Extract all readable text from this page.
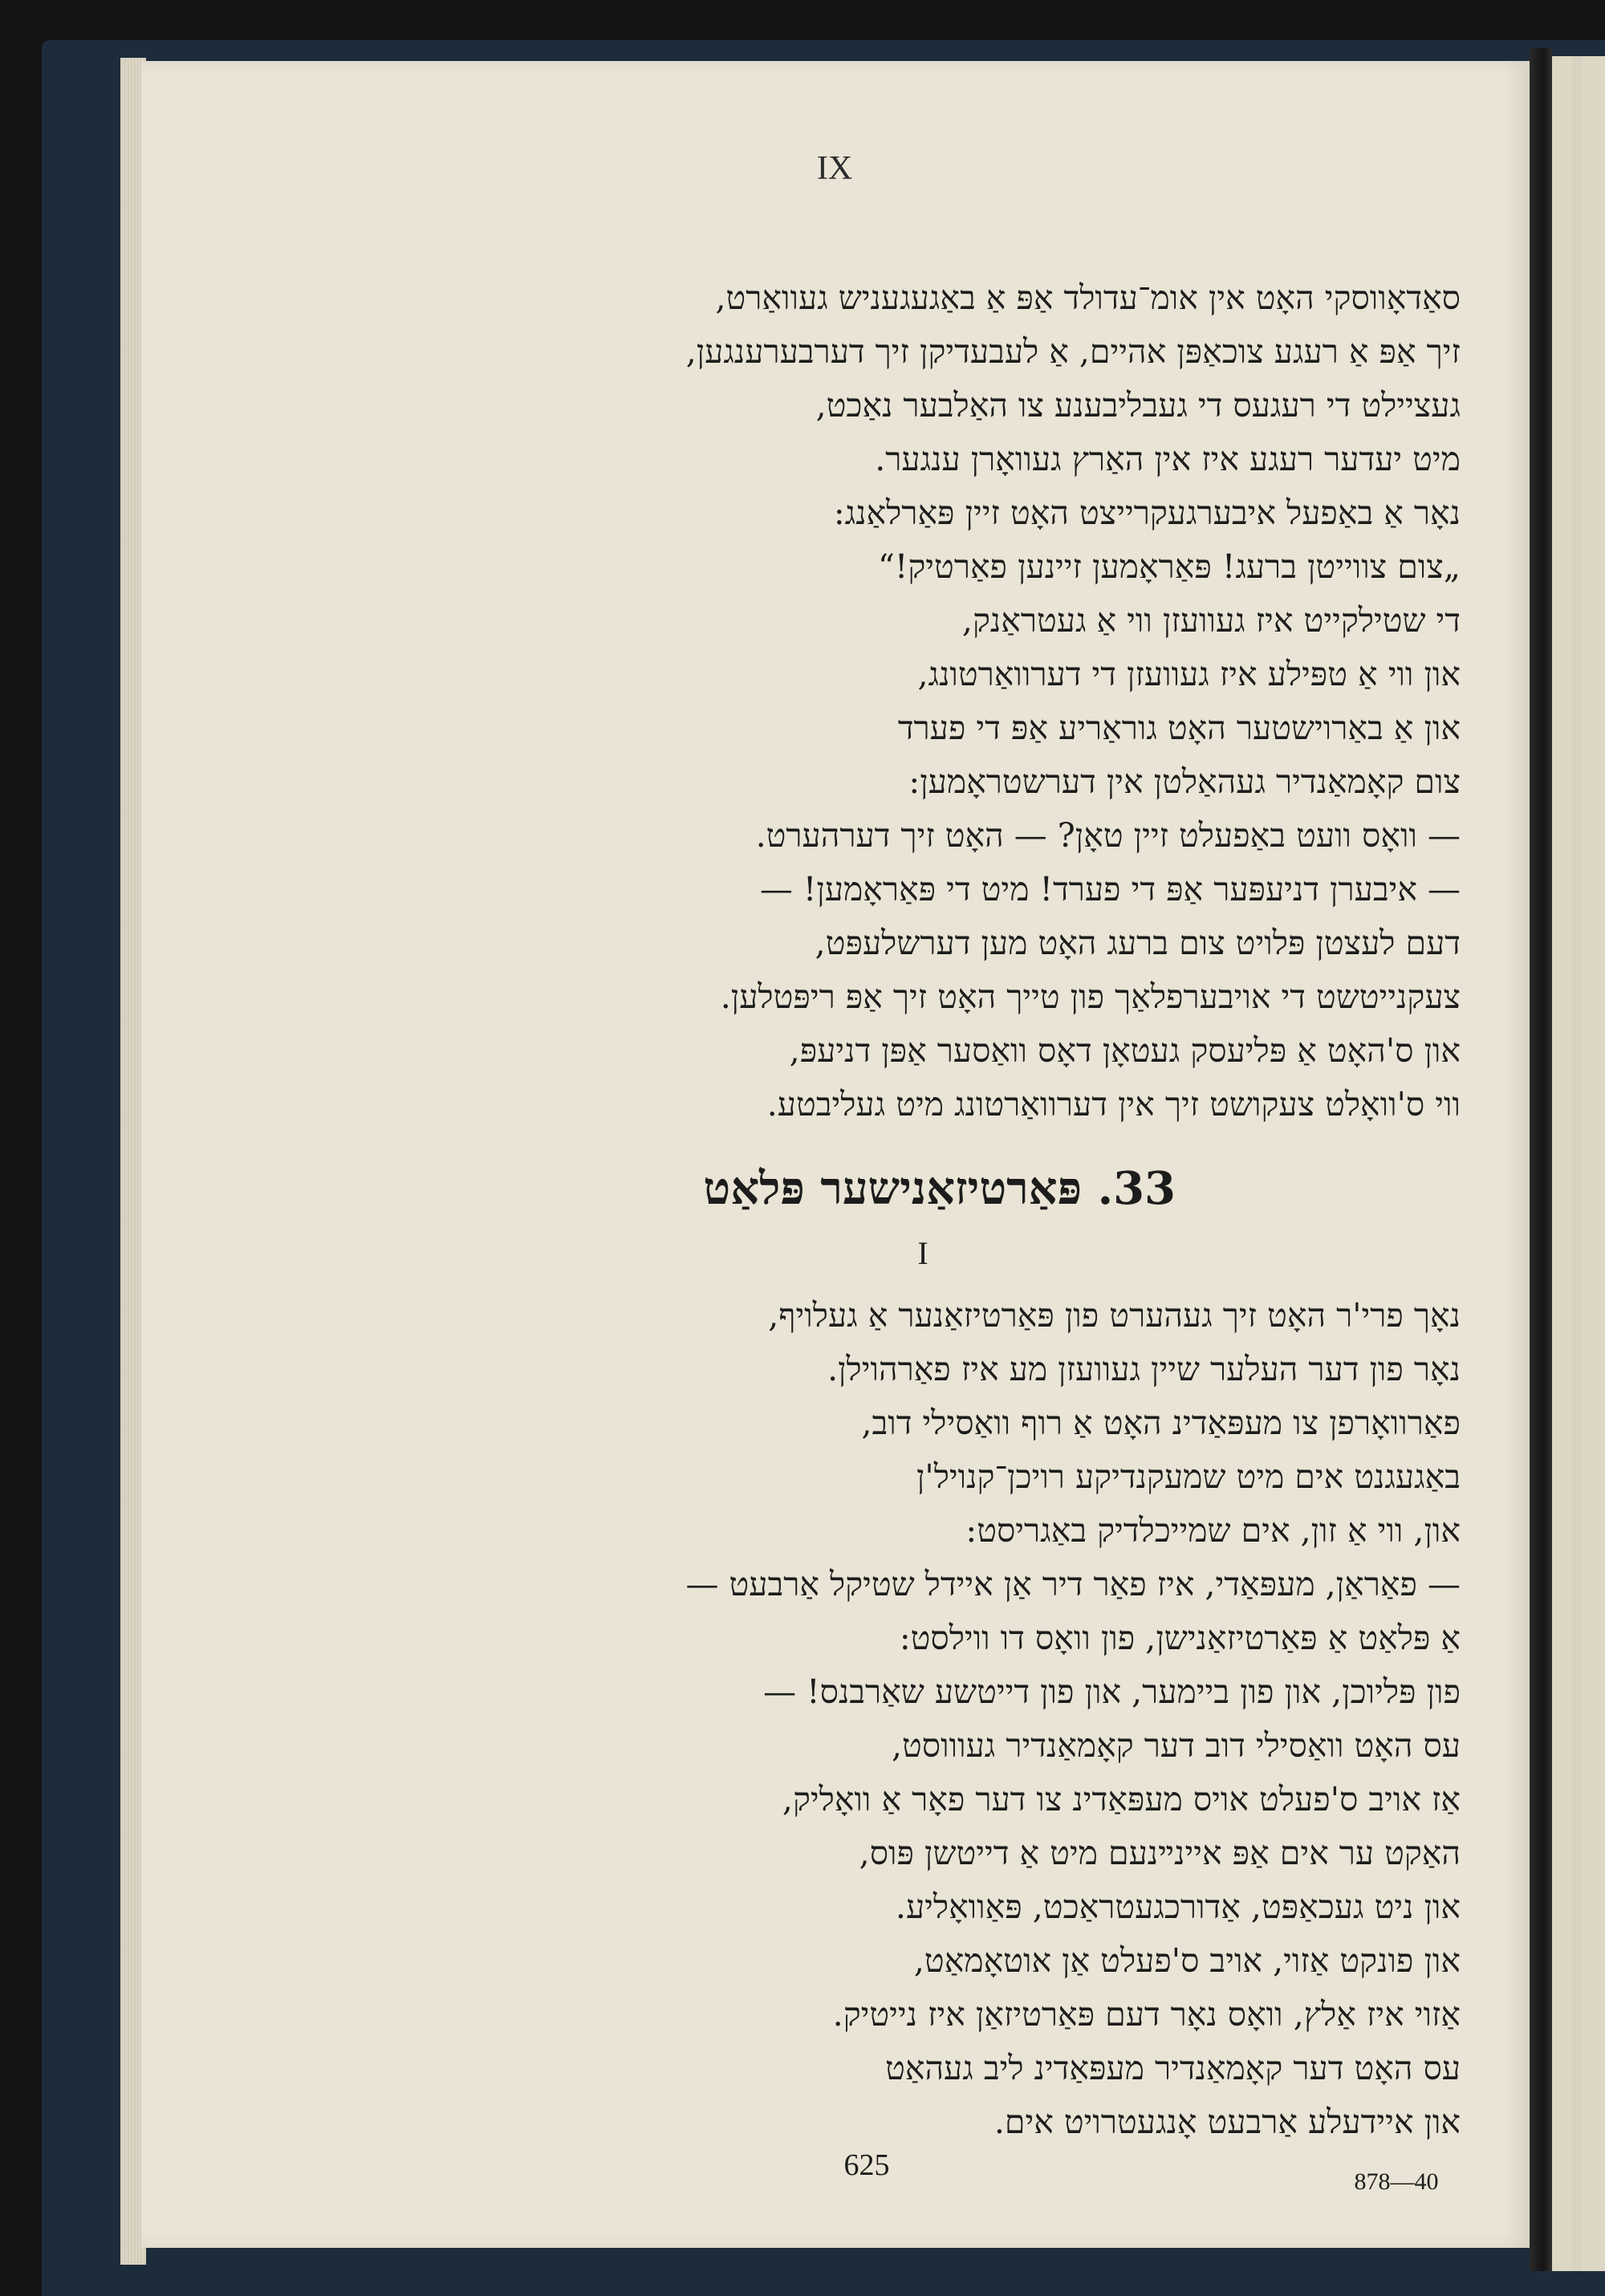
IX
סאַדאָווסקי האָט אין אומ־עדולד אַפּ אַ באַגעגעניש געוואַרט,
זיך אַפּ אַ רעגע צוכאַפּן אהיים, אַ לעבעדיקן זיך דערבערענגען,
געציילט די רעגעס די געבליבענע צו האַלבער נאַכט,
מיט יעדער רעגע איז אין האַרץ געוואָרן ענגער.
נאָר אַ באַפעל איבערגעקרייצט האָט זיין פּאַרלאַנג:
„צום צווייטן ברעג! פּאַראָמען זיינען פאַרטיק!“
די שטילקייט איז געוועזן ווי אַ געטראַנק,
און ווי אַ טפּילע איז געוועזן די דערוואַרטונג,
און אַ באַרוישטער האָט גוראַריע אַפּ די פערד
צום קאָמאַנדיר געהאַלטן אין דערשטראָמען:
— וואָס וועט באַפעלט זיין טאָן? — האָט זיך דערהערט.
— איבערן דניעפּער אַפּ די פערד! מיט די פּאַראָמען! —
דעם לעצטן פּלויט צום ברעג האָט מען דערשלעפּט,
צעקנייטשט די אויבערפלאַך פון טייך האָט זיך אַפּ ריפּטלען.
און ס'האָט אַ פּליעסק געטאָן דאָס וואַסער אַפּן דניעפּ,
ווי ס'וואָלט צעקושט זיך אין דערוואַרטונג מיט געליבטע.
33. פּאַרטיזאַנישער פּלאַט
I
נאָך פרי'ר האָט זיך געהערט פון פּאַרטיזאַנער אַ געלויף,
נאָר פון דער העלער שיין געוועזן מע איז פאַרהוילן.
פאַרוואָרפן צו מעפּאַדינ האָט אַ רוף וואַסילי דוב,
באַגעגנט אים מיט שמעקנדיקע רויכן־קנויל'ן
און, ווי אַ זון, אים שמייכלדיק באַגריסט:
— פאַראַן, מעפּאַדי, איז פאַר דיר אַן איידל שטיקל אַרבעט —
אַ פּלאַט אַ פּאַרטיזאַנישן, פון וואָס דו ווילסט:
פון פּליוכן, און פון ביימער, און פון דייטשע שאַרבנס! —
עס האָט וואַסילי דוב דער קאָמאַנדיר געוווסט,
אַז אויב ס'פעלט אויס מעפּאַדינ צו דער פאָר אַ וואָליק,
האַקט ער אים אַפּ איינײנעם מיט אַ דייטשן פּוס,
און ניט געכאַפּט, אַדורכגעטראַכט, פּאַוואָליע.
און פונקט אַזוי, אויב ס'פעלט אַן אוטאָמאַט,
אַזוי איז אַלץ, וואָס נאָר דעם פּאַרטיזאַן איז נייטיק.
עס האָט דער קאָמאַנדיר מעפּאַדינ ליב געהאַט
און איידעלע אַרבעט אָנגעטרויט אים.
625	878—40
